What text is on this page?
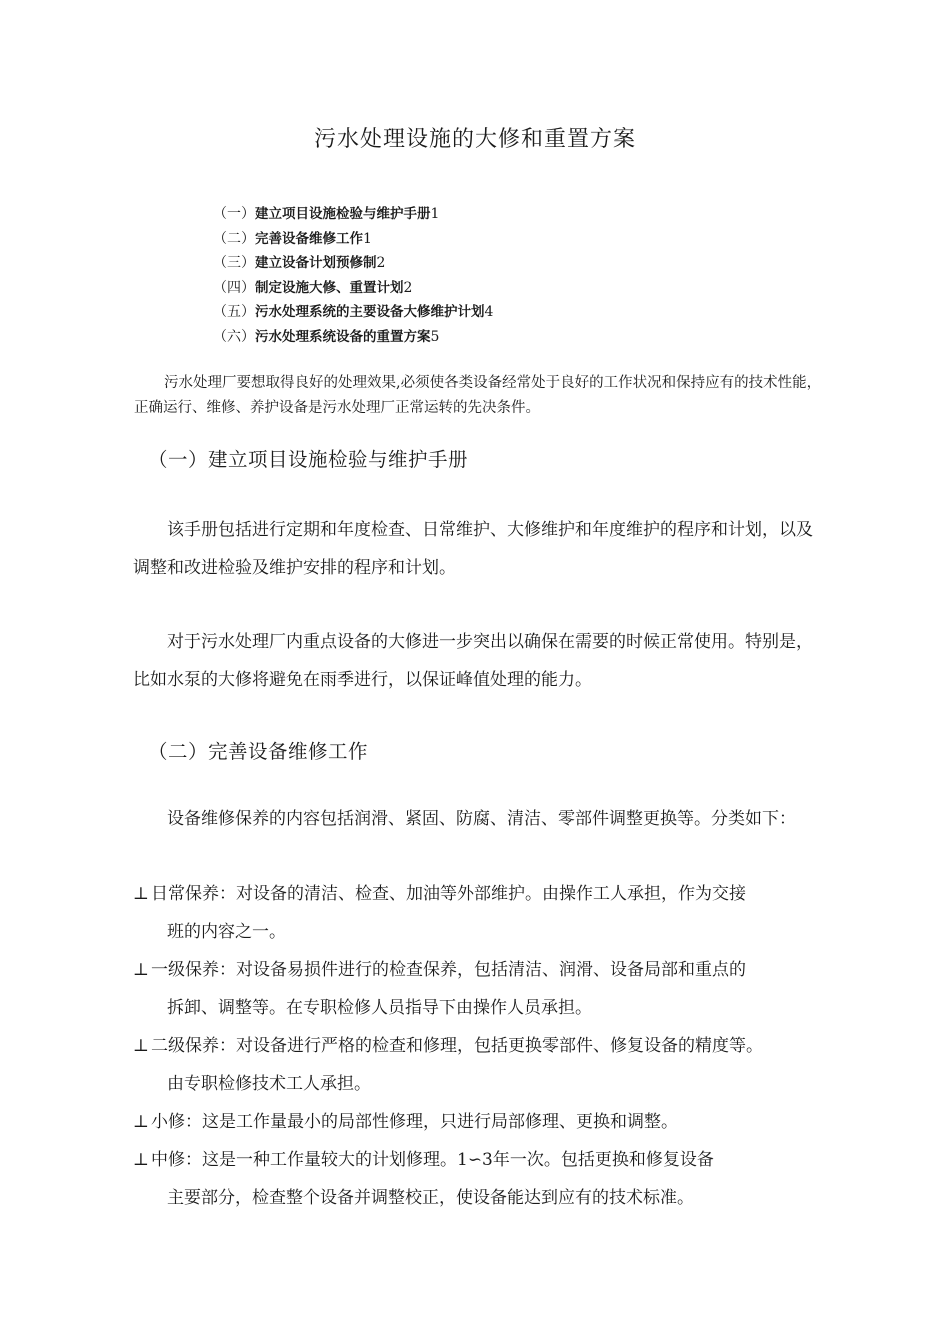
污水处理设施的大修和重置方案
（一）建立项目设施检验与维护手册1
（二）完善设备维修工作1
（三）建立设备计划预修制2
（四）制定设施大修、重置计划2
（五）污水处理系统的主要设备大修维护计划4
（六）污水处理系统设备的重置方案5
污水处理厂要想取得良好的处理效果,必须使各类设备经常处于良好的工作状况和保持应有的技术性能，正确运行、维修、养护设备是污水处理厂正常运转的先决条件。
（一）建立项目设施检验与维护手册
该手册包括进行定期和年度检查、日常维护、大修维护和年度维护的程序和计划，以及调整和改进检验及维护安排的程序和计划。
对于污水处理厂内重点设备的大修进一步突出以确保在需要的时候正常使用。特别是，比如水泵的大修将避免在雨季进行，以保证峰值处理的能力。
（二）完善设备维修工作
设备维修保养的内容包括润滑、紧固、防腐、清洁、零部件调整更换等。分类如下：
⊥ 日常保养：对设备的清洁、检查、加油等外部维护。由操作工人承担，作为交接
班的内容之一。
⊥ 一级保养：对设备易损件进行的检查保养，包括清洁、润滑、设备局部和重点的
拆卸、调整等。在专职检修人员指导下由操作人员承担。
⊥ 二级保养：对设备进行严格的检查和修理，包括更换零部件、修复设备的精度等。
由专职检修技术工人承担。
⊥ 小修：这是工作量最小的局部性修理，只进行局部修理、更换和调整。
⊥ 中修：这是一种工作量较大的计划修理。1∽3年一次。包括更换和修复设备
主要部分，检查整个设备并调整校正，使设备能达到应有的技术标准。
